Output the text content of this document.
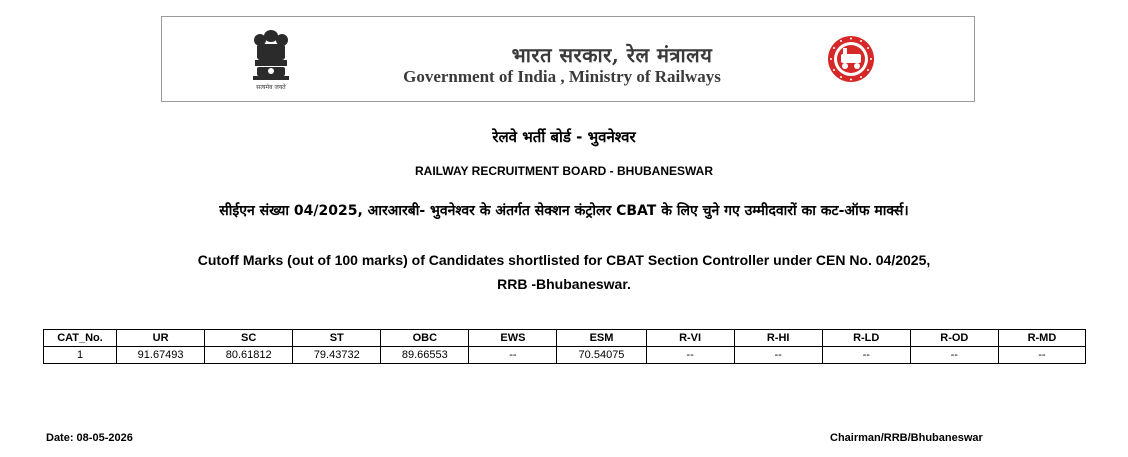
सत्यमेव जयते
भारत सरकार, रेल मंत्रालय
Government of India , Ministry of Railways
रेलवे भर्ती बोर्ड - भुवनेश्वर
RAILWAY RECRUITMENT BOARD - BHUBANESWAR
सीईएन संख्या 04/2025, आरआरबी- भुवनेश्वर के अंतर्गत सेक्शन कंट्रोलर CBAT के लिए चुने गए उम्मीदवारों का कट-ऑफ मार्क्स।
Cutoff Marks (out of 100 marks) of Candidates shortlisted for CBAT Section Controller under CEN No. 04/2025,
RRB -Bhubaneswar.
CAT_No.	UR	SC	ST	OBC	EWS	ESM	R-VI	R-HI	R-LD	R-OD	R-MD
1	91.67493	80.61812	79.43732	89.66553	--	70.54075	--	--	--	--	--
Date: 08-05-2026	Chairman/RRB/Bhubaneswar
